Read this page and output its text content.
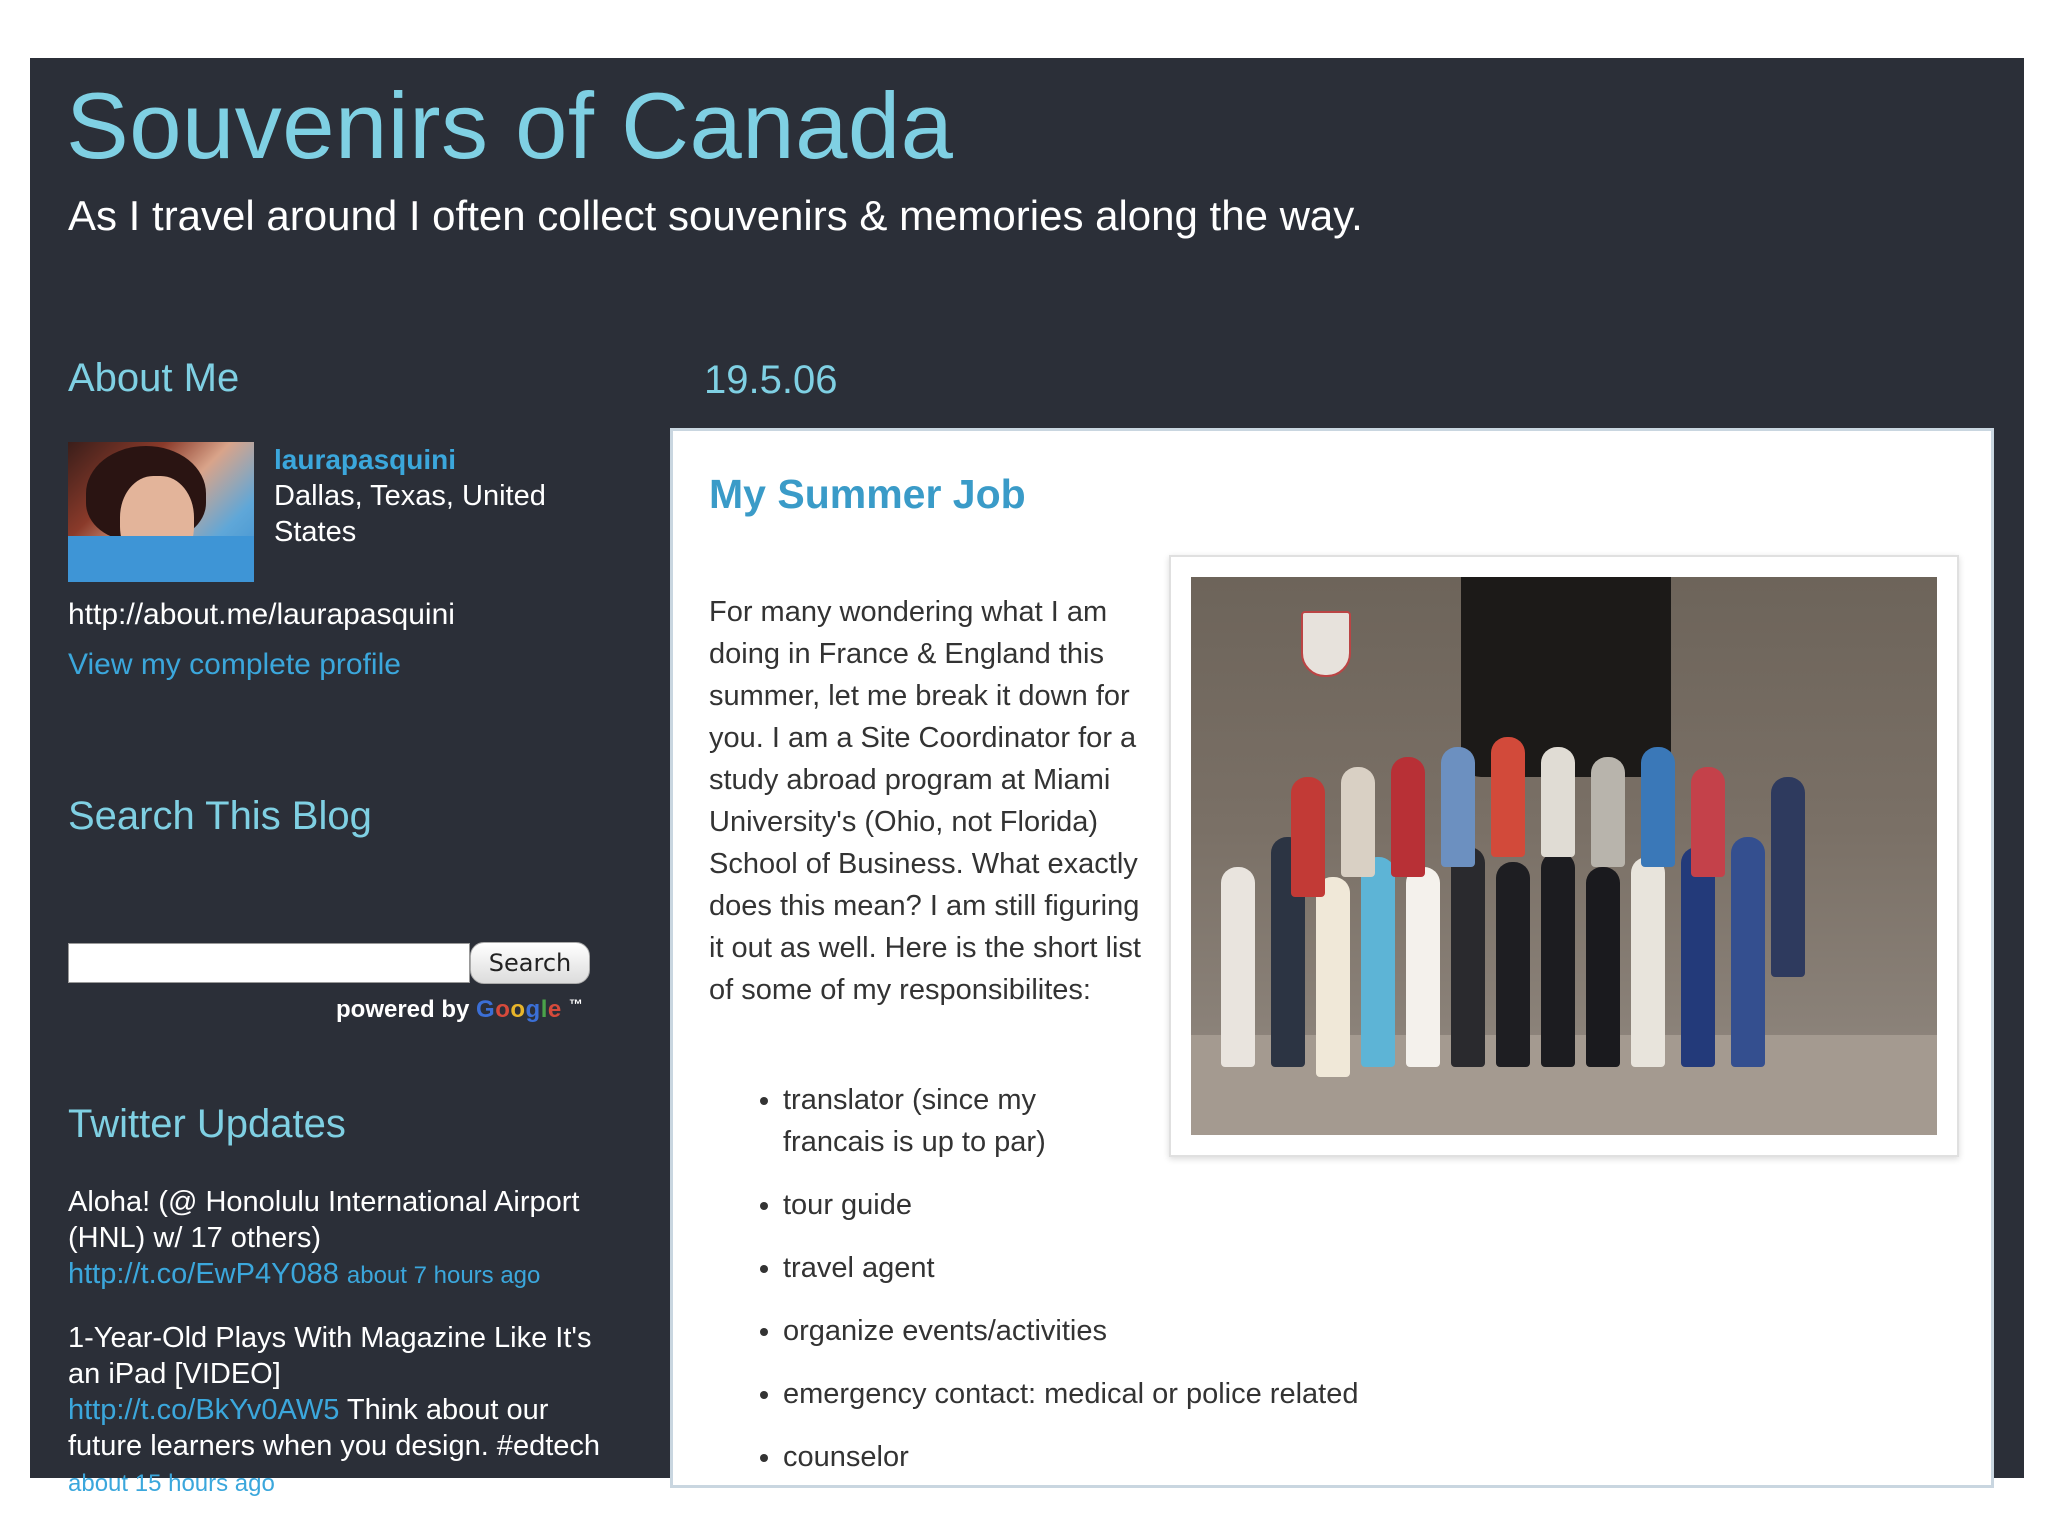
Souvenirs of Canada
As I travel around I often collect souvenirs & memories along the way.
About Me
laurapasquini
Dallas, Texas, United States
http://about.me/laurapasquini
View my complete profile
Search This Blog
Search
powered by Google ™
Twitter Updates
Aloha! (@ Honolulu International Airport (HNL) w/ 17 others)
http://t.co/EwP4Y088 about 7 hours ago
1-Year-Old Plays With Magazine Like It's an iPad [VIDEO]
http://t.co/BkYv0AW5 Think about our future learners when you design. #edtech about 15 hours ago
19.5.06
My Summer Job
For many wondering what I am doing in France & England this summer, let me break it down for you. I am a Site Coordinator for a study abroad program at Miami University's (Ohio, not Florida) School of Business. What exactly does this mean? I am still figuring it out as well. Here is the short list of some of my responsibilites:
• translator (since my francais is up to par)
• tour guide
• travel agent
• organize events/activities
• emergency contact: medical or police related
• counselor
